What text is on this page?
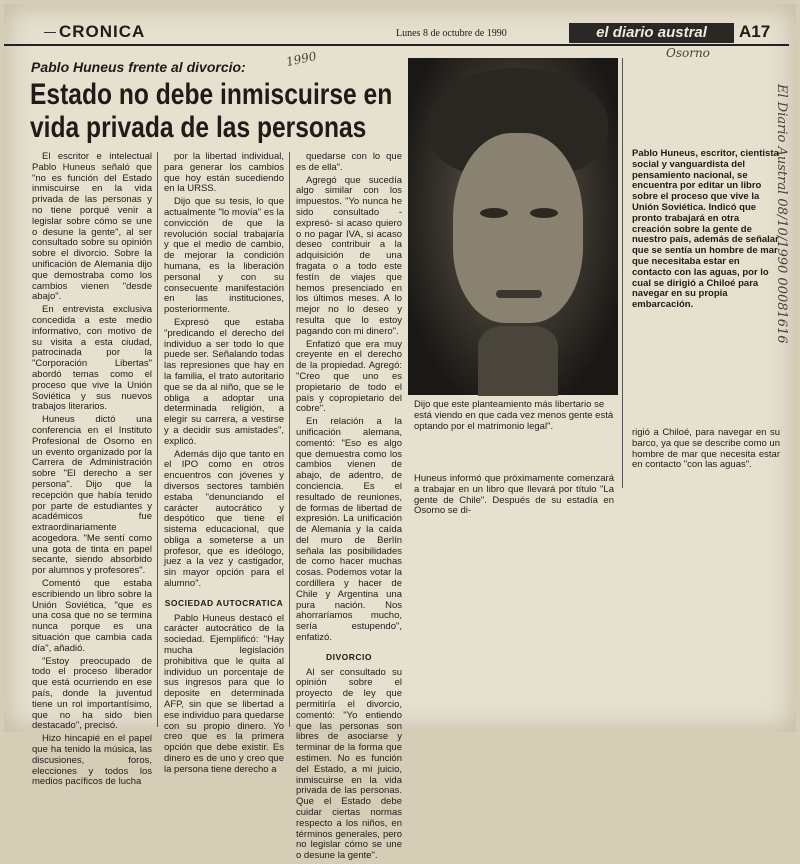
CRONICA	Lunes 8 de octubre de 1990	el diario austral	A17
Osorno
1990
El Diario Austral 08/10/1990 00081616
Pablo Huneus frente al divorcio:
Estado no debe inmiscuirse en
vida privada de las personas

El escritor e intelectual Pablo Huneus señaló que "no es función del Estado inmiscuirse en la vida privada de las personas y no tiene porqué venir a legislar sobre cómo se une o desune la gente", al ser consultado sobre su opinión sobre el divorcio. Sobre la unificación de Alemania dijo que demostraba como los cambios vienen "desde abajo".

En entrevista exclusiva concedida a este medio informativo, con motivo de su visita a esta ciudad, patrocinada por la "Corporación Libertas" abordó temas como el proceso que vive la Unión Soviética y sus nuevos trabajos literarios.

Huneus dictó una conferencia en el Instituto Profesional de Osorno en un evento organizado por la Carrera de Administración sobre "El derecho a ser persona". Dijo que la recepción que había tenido por parte de estudiantes y académicos fue extraordinariamente acogedora. "Me sentí como una gota de tinta en papel secante, siendo absorbido por alumnos y profesores".

Comentó que estaba escribiendo un libro sobre la Unión Soviética, "que es una cosa que no se termina nunca porque es una situación que cambia cada día", añadió.

"Estoy preocupado de todo el proceso liberador que está ocurriendo en ese país, donde la juventud tiene un rol importantísimo, que no ha sido bien destacado", precisó.

Hizo hincapié en el papel que ha tenido la música, las discusiones, foros, elecciones y todos los medios pacíficos de lucha

por la libertad individual, para generar los cambios que hoy están sucediendo en la URSS.

Dijo que su tesis, lo que actualmente "lo movía" es la convicción de que la revolución social trabajaría y que el medio de cambio, de mejorar la condición humana, es la liberación personal y con su consecuente manifestación en las instituciones, posteriormente.

Expresó que estaba "predicando el derecho del individuo a ser todo lo que puede ser. Señalando todas las represiones que hay en la familia, el trato autoritario que se da al niño, que se le obliga a adoptar una determinada religión, a elegir su carrera, a vestirse y a decidir sus amistades", explicó.

Además dijo que tanto en el IPO como en otros encuentros con jóvenes y diversos sectores también estaba "denunciando el carácter autocrático y despótico que tiene el sistema educacional, que obliga a someterse a un profesor, que es ideólogo, juez a la vez y castigador, sin mayor opción para el alumno".

SOCIEDAD AUTOCRATICA

Pablo Huneus destacó el carácter autocrático de la sociedad. Ejemplificó: "Hay mucha legislación prohibitiva que le quita al individuo un porcentaje de sus ingresos para que lo deposite en determinada AFP, sin que se libertad a ese individuo para quedarse con su propio dinero. Yo creo que es la primera opción que debe existir. Es dinero es de uno y creo que la persona tiene derecho a

quedarse con lo que es de ella".

Agregó que sucedía algo similar con los impuestos. "Yo nunca he sido consultado -expresó- si acaso quiero o no pagar IVA, si acaso deseo contribuir a la adquisición de una fragata o a todo este festín de viajes que hemos presenciado en los últimos meses. A lo mejor no lo deseo y resulta que lo estoy pagando con mi dinero".

Enfatizó que era muy creyente en el derecho de la propiedad. Agregó: "Creo que uno es propietario de todo el país y copropietario del cobre".

En relación a la unificación alemana, comentó: "Eso es algo que demuestra como los cambios vienen de abajo, de adentro, de conciencia. Es el resultado de reuniones, de formas de libertad de expresión. La unificación de Alemania y la caída del muro de Berlín señala las posibilidades de como hacer muchas cosas. Podemos votar la cordillera y hacer de Chile y Argentina una pura nación. Nos ahorraríamos mucho, sería estupendo", enfatizó.

DIVORCIO

Al ser consultado su opinión sobre el proyecto de ley que permitiría el divorcio, comentó: "Yo entiendo que las personas son libres de asociarse y terminar de la forma que estimen. No es función del Estado, a mi juicio, inmiscuirse en la vida privada de las personas. Que el Estado debe cuidar ciertas normas respecto a los niños, en términos generales, pero no legislar cómo se une o desune la gente".

Dijo que este planteamiento más libertario se está viendo en que cada vez menos gente está optando por el matrimonio legal".
Huneus informó que próximamente comenzará a trabajar en un libro que llevará por título "La gente de Chile". Después de su estadía en Osorno se di-
Pablo Huneus, escritor, cientista social y vanguardista del pensamiento nacional, se encuentra por editar un libro sobre el proceso que vive la Unión Soviética. Indicó que pronto trabajará en otra creación sobre la gente de nuestro país, además de señalar que se sentía un hombre de mar que necesitaba estar en contacto con las aguas, por lo cual se dirigió a Chiloé para navegar en su propia embarcación.
rigió a Chiloé, para navegar en su barco, ya que se describe como un hombre de mar que necesita estar en contacto "con las aguas".
